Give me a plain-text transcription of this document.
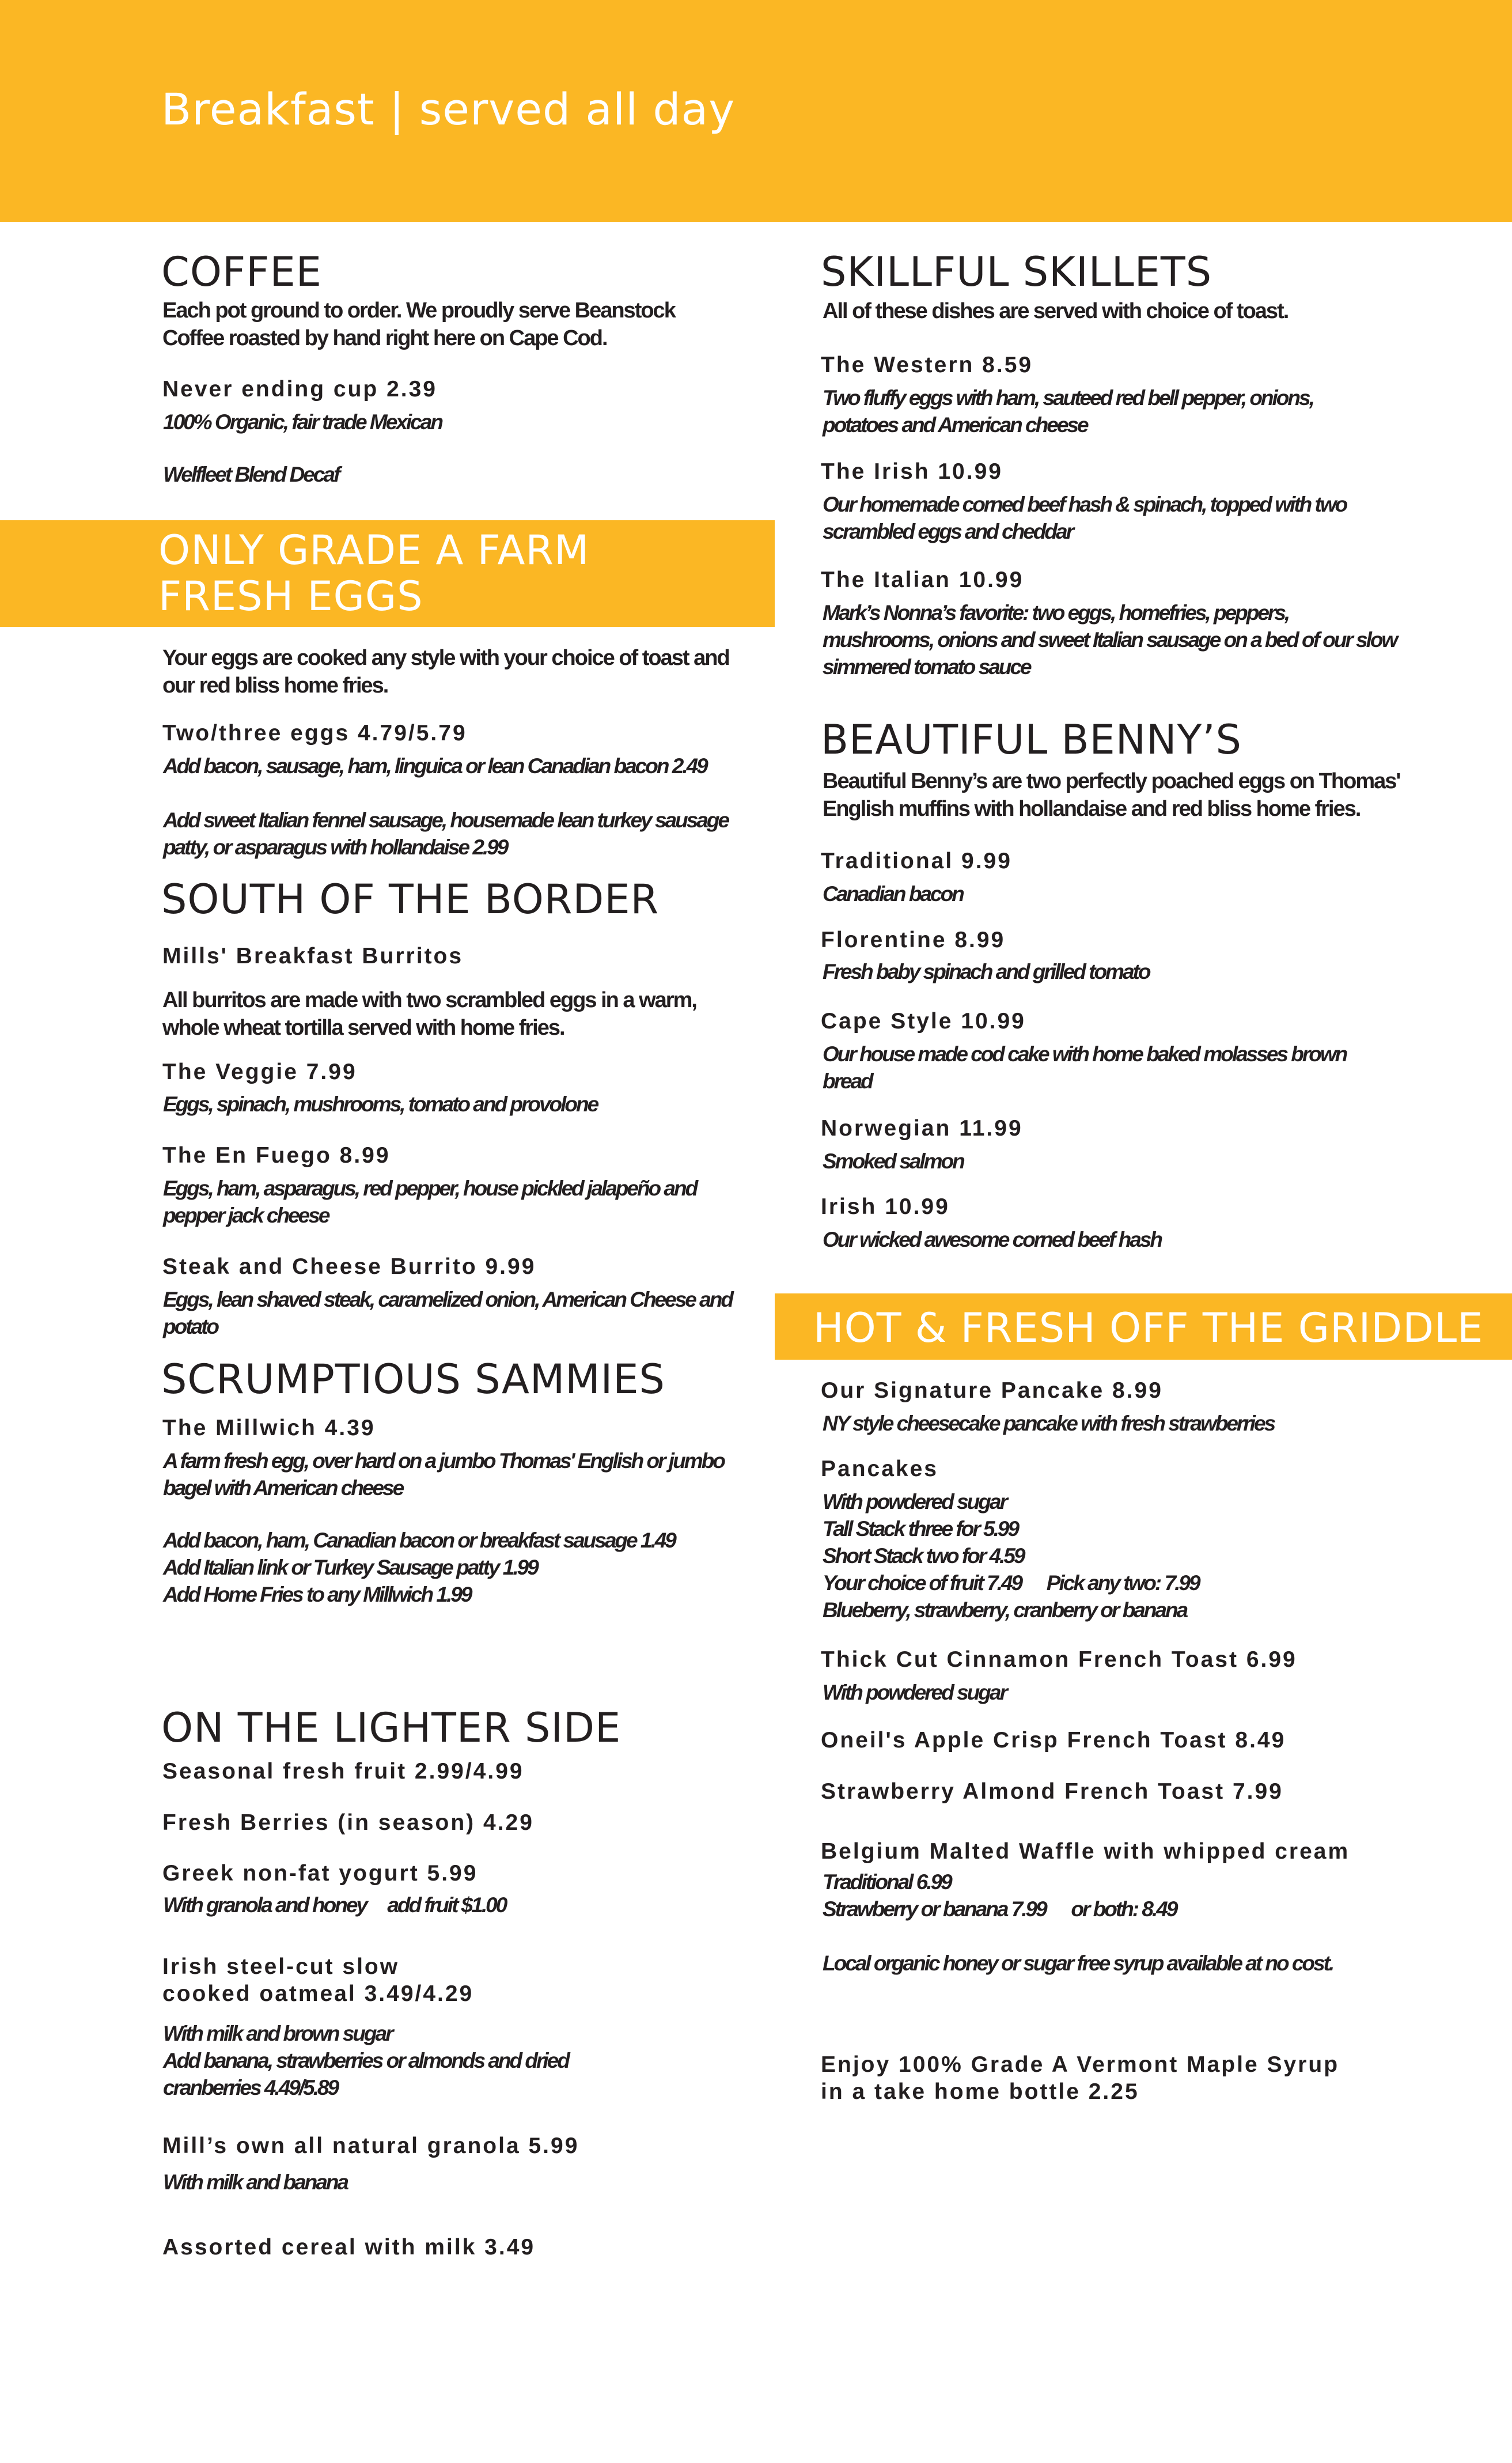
Breakfast | served all day
COFFEE
Each pot ground to order. We proudly serve Beanstock Coffee roasted by hand right here on Cape Cod.
Never ending cup 2.39
100% Organic, fair trade Mexican
Welfleet Blend Decaf
ONLY GRADE A FARM
FRESH EGGS
Your eggs are cooked any style with your choice of toast and our red bliss home fries.
Two/three eggs 4.79/5.79
Add bacon, sausage, ham, linguica or lean Canadian bacon 2.49
Add sweet Italian fennel sausage, housemade lean turkey sausage patty, or asparagus with hollandaise 2.99
SOUTH OF THE BORDER
Mills' Breakfast Burritos
All burritos are made with two scrambled eggs in a warm, whole wheat tortilla served with home fries.
The Veggie 7.99
Eggs, spinach, mushrooms, tomato and provolone
The En Fuego 8.99
Eggs, ham, asparagus, red pepper, house pickled jalapeño and pepper jack cheese
Steak and Cheese Burrito 9.99
Eggs, lean shaved steak, caramelized onion, American Cheese and potato
SCRUMPTIOUS SAMMIES
The Millwich 4.39
A farm fresh egg, over hard on a jumbo Thomas' English or jumbo bagel with American cheese
Add bacon, ham, Canadian bacon or breakfast sausage 1.49
Add Italian link or Turkey Sausage patty 1.99
Add Home Fries to any Millwich 1.99
ON THE LIGHTER SIDE
Seasonal fresh fruit 2.99/4.99
Fresh Berries (in season) 4.29
Greek non-fat yogurt 5.99
With granola and honey     add fruit $1.00
Irish steel-cut slow
cooked oatmeal 3.49/4.29
With milk and brown sugar
Add banana, strawberries or almonds and dried cranberries 4.49/5.89
Mill’s own all natural granola 5.99
With milk and banana
Assorted cereal with milk 3.49
SKILLFUL SKILLETS
All of these dishes are served with choice of toast.
The Western 8.59
Two fluffy eggs with ham, sauteed red bell pepper, onions, potatoes and American cheese
The Irish 10.99
Our homemade corned beef hash & spinach, topped with two scrambled eggs and cheddar
The Italian 10.99
Mark’s Nonna’s favorite: two eggs, homefries, peppers, mushrooms, onions and sweet Italian sausage on a bed of our slow simmered tomato sauce
BEAUTIFUL BENNY’S
Beautiful Benny’s are two perfectly poached eggs on Thomas' English muffins with hollandaise and red bliss home fries.
Traditional 9.99
Canadian bacon
Florentine 8.99
Fresh baby spinach and grilled tomato
Cape Style 10.99
Our house made cod cake with home baked molasses brown bread
Norwegian 11.99
Smoked salmon
Irish 10.99
Our wicked awesome corned beef hash
HOT & FRESH OFF THE GRIDDLE
Our Signature Pancake 8.99
NY style cheesecake pancake with fresh strawberries
Pancakes
With powdered sugar
Tall Stack three for 5.99
Short Stack two for 4.59
Your choice of fruit 7.49      Pick any two: 7.99
Blueberry, strawberry, cranberry or banana
Thick Cut Cinnamon French Toast 6.99
With powdered sugar
Oneil's Apple Crisp French Toast 8.49
Strawberry Almond French Toast 7.99
Belgium Malted Waffle with whipped cream
Traditional 6.99
Strawberry or banana 7.99      or both: 8.49
Local organic honey or sugar free syrup available at no cost.
Enjoy 100% Grade A Vermont Maple Syrup
in a take home bottle 2.25
